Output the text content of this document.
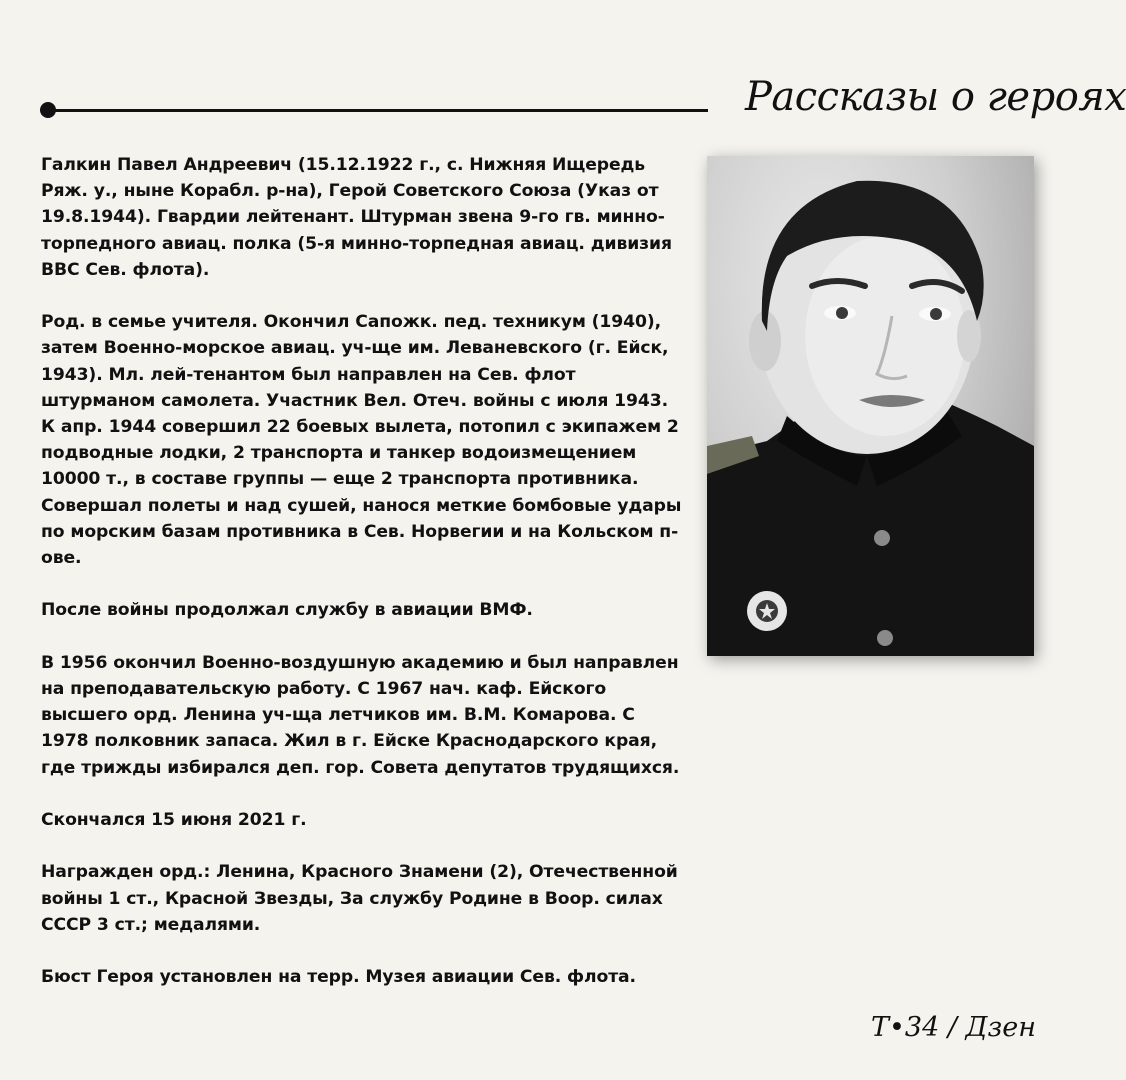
Рассказы о героях

Галкин Павел Андреевич (15.12.1922 г., с. Нижняя Ищередь Ряж. у., ныне Корабл. р-на), Герой Советского Союза (Указ от 19.8.1944). Гвардии лейтенант. Штурман звена 9-го гв. минно-торпедного авиац. полка (5-я минно-торпедная авиац. дивизия ВВС Сев. флота).

Род. в семье учителя. Окончил Сапожк. пед. техникум (1940), затем Военно-морское авиац. уч-ще им. Леваневского (г. Ейск, 1943). Мл. лей-тенантом был направлен на Сев. флот штурманом самолета. Участник Вел. Отеч. войны с июля 1943. К апр. 1944 совершил 22 боевых вылета, потопил с экипажем 2 подводные лодки, 2 транспорта и танкер водоизмещением 10000 т., в составе группы — еще 2 транспорта противника. Совершал полеты и над сушей, нанося меткие бомбовые удары по морским базам противника в Сев. Норвегии и на Кольском п-ове.

После войны продолжал службу в авиации ВМФ.

В 1956 окончил Военно-воздушную академию и был направлен на преподавательскую работу. С 1967 нач. каф. Ейского высшего орд. Ленина уч-ща летчиков им. В.М. Комарова. С 1978 полковник запаса. Жил в г. Ейске Краснодарского края, где трижды избирался деп. гор. Совета депутатов трудящихся.

Скончался 15 июня 2021 г.

Награжден орд.: Ленина, Красного Знамени (2), Отечественной войны 1 ст., Красной Звезды, За службу Родине в Воор. силах СССР 3 ст.; медалями.

Бюст Героя установлен на терр. Музея авиации Сев. флота.

Т•34 / Дзен
